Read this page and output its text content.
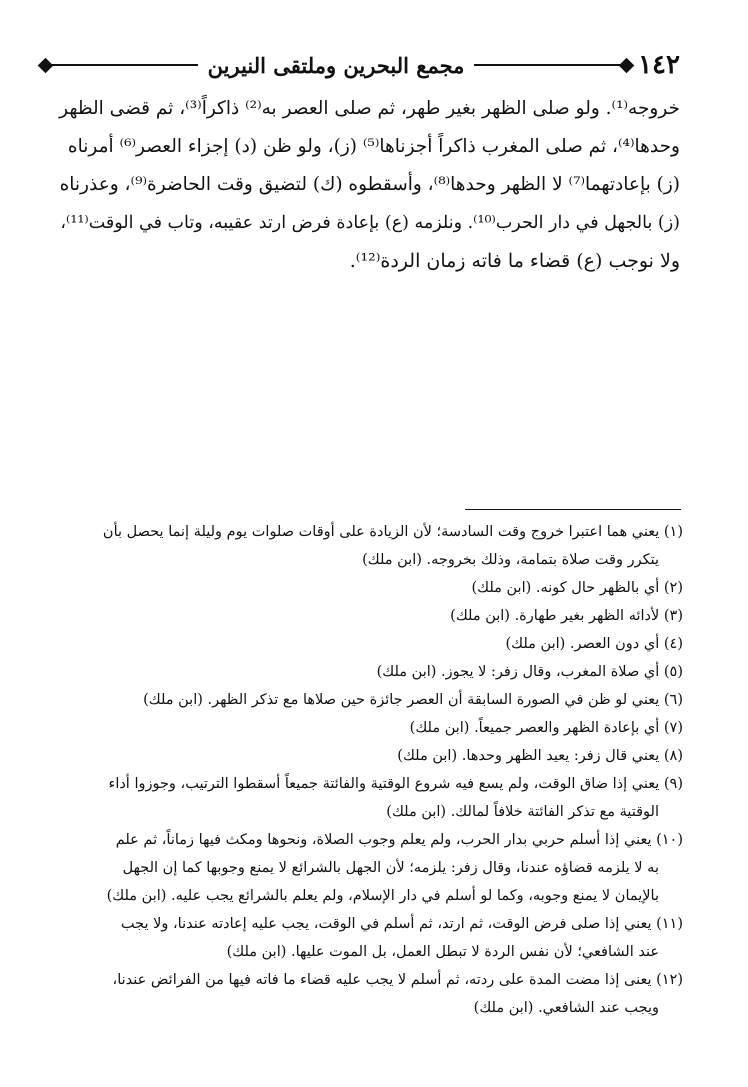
١٤٢
مجمع البحرين وملتقى النيرين
خروجه⁽¹⁾. ولو صلى الظهر بغير طهر، ثم صلى العصر به⁽²⁾ ذاكراً⁽³⁾، ثم قضى الظهر
وحدها⁽⁴⁾، ثم صلى المغرب ذاكراً أجزناها⁽⁵⁾ (ز)، ولو ظن (د) إجزاء العصر⁽⁶⁾ أمرناه
(ز) بإعادتهما⁽⁷⁾ لا الظهر وحدها⁽⁸⁾، وأسقطوه (ك) لتضيق وقت الحاضرة⁽⁹⁾، وعذرناه
(ز) بالجهل في دار الحرب⁽¹⁰⁾. ونلزمه (ع) بإعادة فرض ارتد عقيبه، وتاب في الوقت⁽¹¹⁾،
ولا نوجب (ع) قضاء ما فاته زمان الردة⁽¹²⁾.
(١) يعني هما اعتبرا خروج وقت السادسة؛ لأن الزيادة على أوقات صلوات يوم وليلة إنما يحصل بأن
يتكرر وقت صلاة بتمامة، وذلك بخروجه. (ابن ملك)
(٢) أي بالظهر حال كونه. (ابن ملك)
(٣) لأدائه الظهر بغير طهارة. (ابن ملك)
(٤) أي دون العصر. (ابن ملك)
(٥) أي صلاة المغرب، وقال زفر: لا يجوز. (ابن ملك)
(٦) يعني لو ظن في الصورة السابقة أن العصر جائزة حين صلاها مع تذكر الظهر. (ابن ملك)
(٧) أي بإعادة الظهر والعصر جميعاً. (ابن ملك)
(٨) يعني قال زفر: يعيد الظهر وحدها. (ابن ملك)
(٩) يعني إذا ضاق الوقت، ولم يسع فيه شروع الوقتية والفائتة جميعاً أسقطوا الترتيب، وجوزوا أداء
الوقتية مع تذكر الفائتة خلافاً لمالك. (ابن ملك)
(١٠) يعني إذا أسلم حربي بدار الحرب، ولم يعلم وجوب الصلاة، ونحوها ومكث فيها زماناً، ثم علم
به لا يلزمه قضاؤه عندنا، وقال زفر: يلزمه؛ لأن الجهل بالشرائع لا يمنع وجوبها كما إن الجهل
بالإيمان لا يمنع وجوبه، وكما لو أسلم في دار الإسلام، ولم يعلم بالشرائع يجب عليه. (ابن ملك)
(١١) يعني إذا صلى فرض الوقت، ثم ارتد، ثم أسلم في الوقت، يجب عليه إعادته عندنا، ولا يجب
عند الشافعي؛ لأن نفس الردة لا تبطل العمل، بل الموت عليها. (ابن ملك)
(١٢) يعنى إذا مضت المدة على ردته، ثم أسلم لا يجب عليه قضاء ما فاته فيها من الفرائض عندنا،
ويجب عند الشافعي. (ابن ملك)
